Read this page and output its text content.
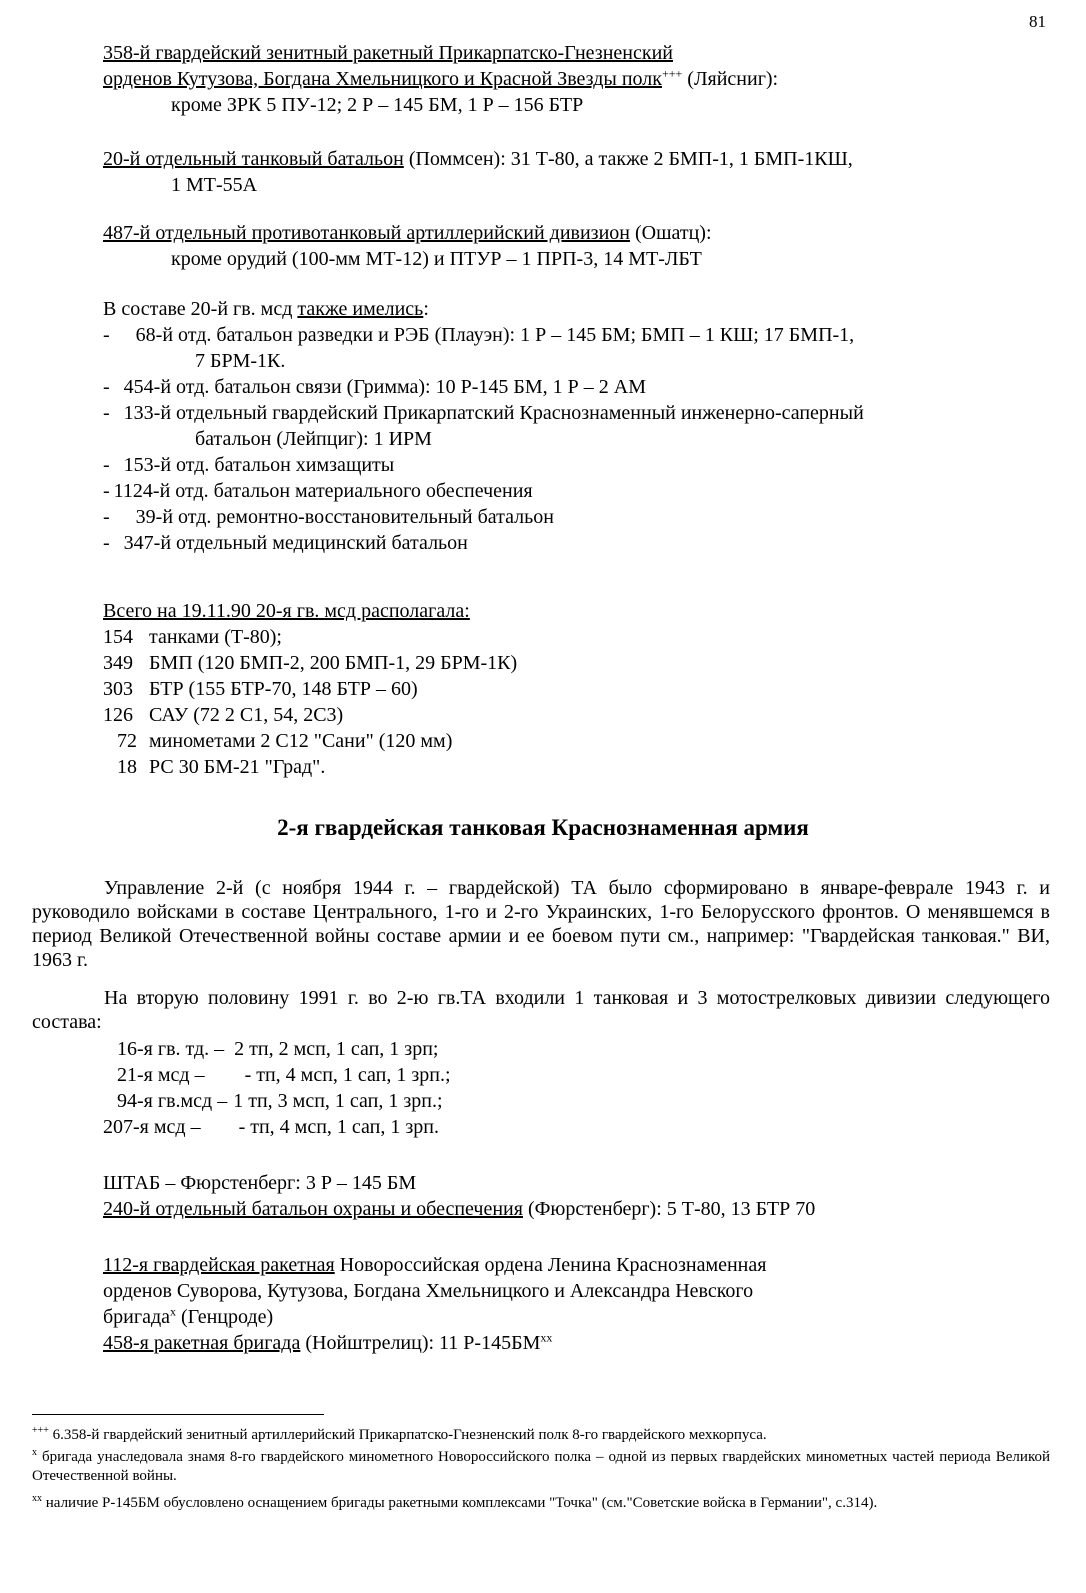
81
358-й гвардейский зенитный ракетный Прикарпатско-Гнезненский
орденов Кутузова, Богдана Хмельницкого и Красной Звезды полк+++ (Ляйсниг):
кроме ЗРК 5 ПУ-12; 2 Р – 145 БМ, 1 Р – 156 БТР
20-й отдельный танковый батальон (Поммсен): 31 Т-80, а также 2 БМП-1, 1 БМП-1КШ,
1 МТ-55А
487-й отдельный противотанковый артиллерийский дивизион (Ошатц):
кроме орудий (100-мм МТ-12) и ПТУР – 1 ПРП-3, 14 МТ-ЛБТ
В составе 20-й гв. мсд также имелись:
- 68-й отд. батальон разведки и РЭБ (Плауэн): 1 Р – 145 БМ; БМП – 1 КШ; 17 БМП-1,
7 БРМ-1К.
- 454-й отд. батальон связи (Гримма): 10 Р-145 БМ, 1 Р – 2 АМ
- 133-й отдельный гвардейский Прикарпатский Краснознаменный инженерно-саперный
батальон (Лейпциг): 1 ИРМ
- 153-й отд. батальон химзащиты
- 1124-й отд. батальон материального обеспечения
- 39-й отд. ремонтно-восстановительный батальон
- 347-й отдельный медицинский батальон
Всего на 19.11.90 20-я гв. мсд располагала:
154 танками (Т-80);
349 БМП (120 БМП-2, 200 БМП-1, 29 БРМ-1К)
303 БТР (155 БТР-70, 148 БТР – 60)
126 САУ (72 2 С1, 54, 2С3)
72 минометами 2 С12 "Сани" (120 мм)
18 РС 30 БМ-21 "Град".
2-я гвардейская танковая Краснознаменная армия
Управление 2-й (с ноября 1944 г. – гвардейской) ТА было сформировано в январе-феврале 1943 г. и руководило войсками в составе Центрального, 1-го и 2-го Украинских, 1-го Белорусского фронтов. О менявшемся в период Великой Отечественной войны составе армии и ее боевом пути см., например: "Гвардейская танковая." ВИ, 1963 г.
На вторую половину 1991 г. во 2-ю гв.ТА входили 1 танковая и 3 мотострелковых дивизии следующего состава:
16-я гв. тд. – 2 тп, 2 мсп, 1 сап, 1 зрп;
21-я мсд – - тп, 4 мсп, 1 сап, 1 зрп.;
94-я гв.мсд – 1 тп, 3 мсп, 1 сап, 1 зрп.;
207-я мсд – - тп, 4 мсп, 1 сап, 1 зрп.
ШТАБ – Фюрстенберг: 3 Р – 145 БМ
240-й отдельный батальон охраны и обеспечения (Фюрстенберг): 5 Т-80, 13 БТР 70
112-я гвардейская ракетная Новороссийская ордена Ленина Краснознаменная
орденов Суворова, Кутузова, Богдана Хмельницкого и Александра Невского
бригада$^x$ (Генцроде)
458-я ракетная бригада (Нойштрелиц): 11 Р-145БМ$^{xx}$
+++ 6.358-й гвардейский зенитный артиллерийский Прикарпатско-Гнезненский полк 8-го гвардейского мехкорпуса.
$^x$ бригада унаследовала знамя 8-го гвардейского минометного Новороссийского полка – одной из первых гвардейских минометных частей периода Великой Отечественной войны.
$^{xx}$ наличие Р-145БМ обусловлено оснащением бригады ракетными комплексами "Точка" (см."Советские войска в Германии", с.314).
